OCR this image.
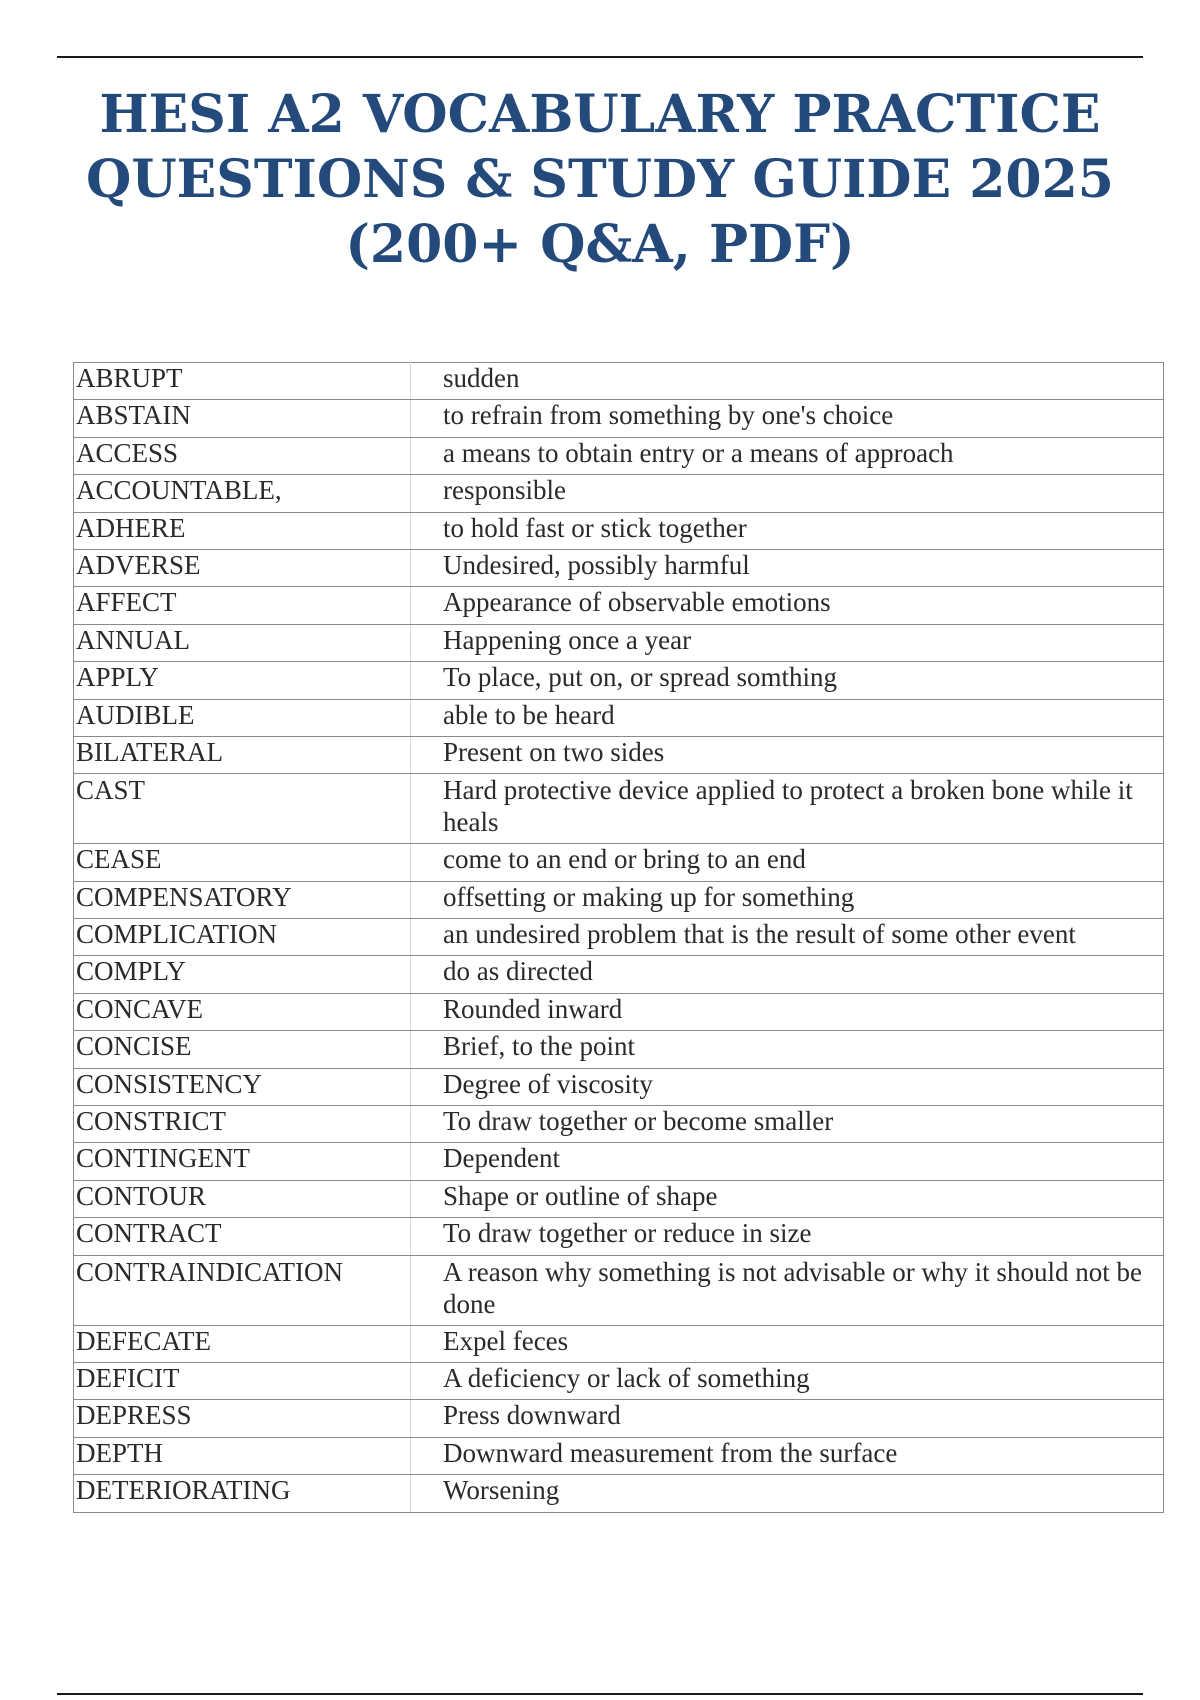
HESI A2 VOCABULARY PRACTICE
QUESTIONS & STUDY GUIDE 2025
(200+ Q&A, PDF)
ABRUPT	sudden
ABSTAIN	to refrain from something by one's choice
ACCESS	a means to obtain entry or a means of approach
ACCOUNTABLE,	responsible
ADHERE	to hold fast or stick together
ADVERSE	Undesired, possibly harmful
AFFECT	Appearance of observable emotions
ANNUAL	Happening once a year
APPLY	To place, put on, or spread somthing
AUDIBLE	able to be heard
BILATERAL	Present on two sides
CAST	Hard protective device applied to protect a broken bone while it heals
CEASE	come to an end or bring to an end
COMPENSATORY	offsetting or making up for something
COMPLICATION	an undesired problem that is the result of some other event
COMPLY	do as directed
CONCAVE	Rounded inward
CONCISE	Brief, to the point
CONSISTENCY	Degree of viscosity
CONSTRICT	To draw together or become smaller
CONTINGENT	Dependent
CONTOUR	Shape or outline of shape
CONTRACT	To draw together or reduce in size
CONTRAINDICATION	A reason why something is not advisable or why it should not be done
DEFECATE	Expel feces
DEFICIT	A deficiency or lack of something
DEPRESS	Press downward
DEPTH	Downward measurement from the surface
DETERIORATING	Worsening
